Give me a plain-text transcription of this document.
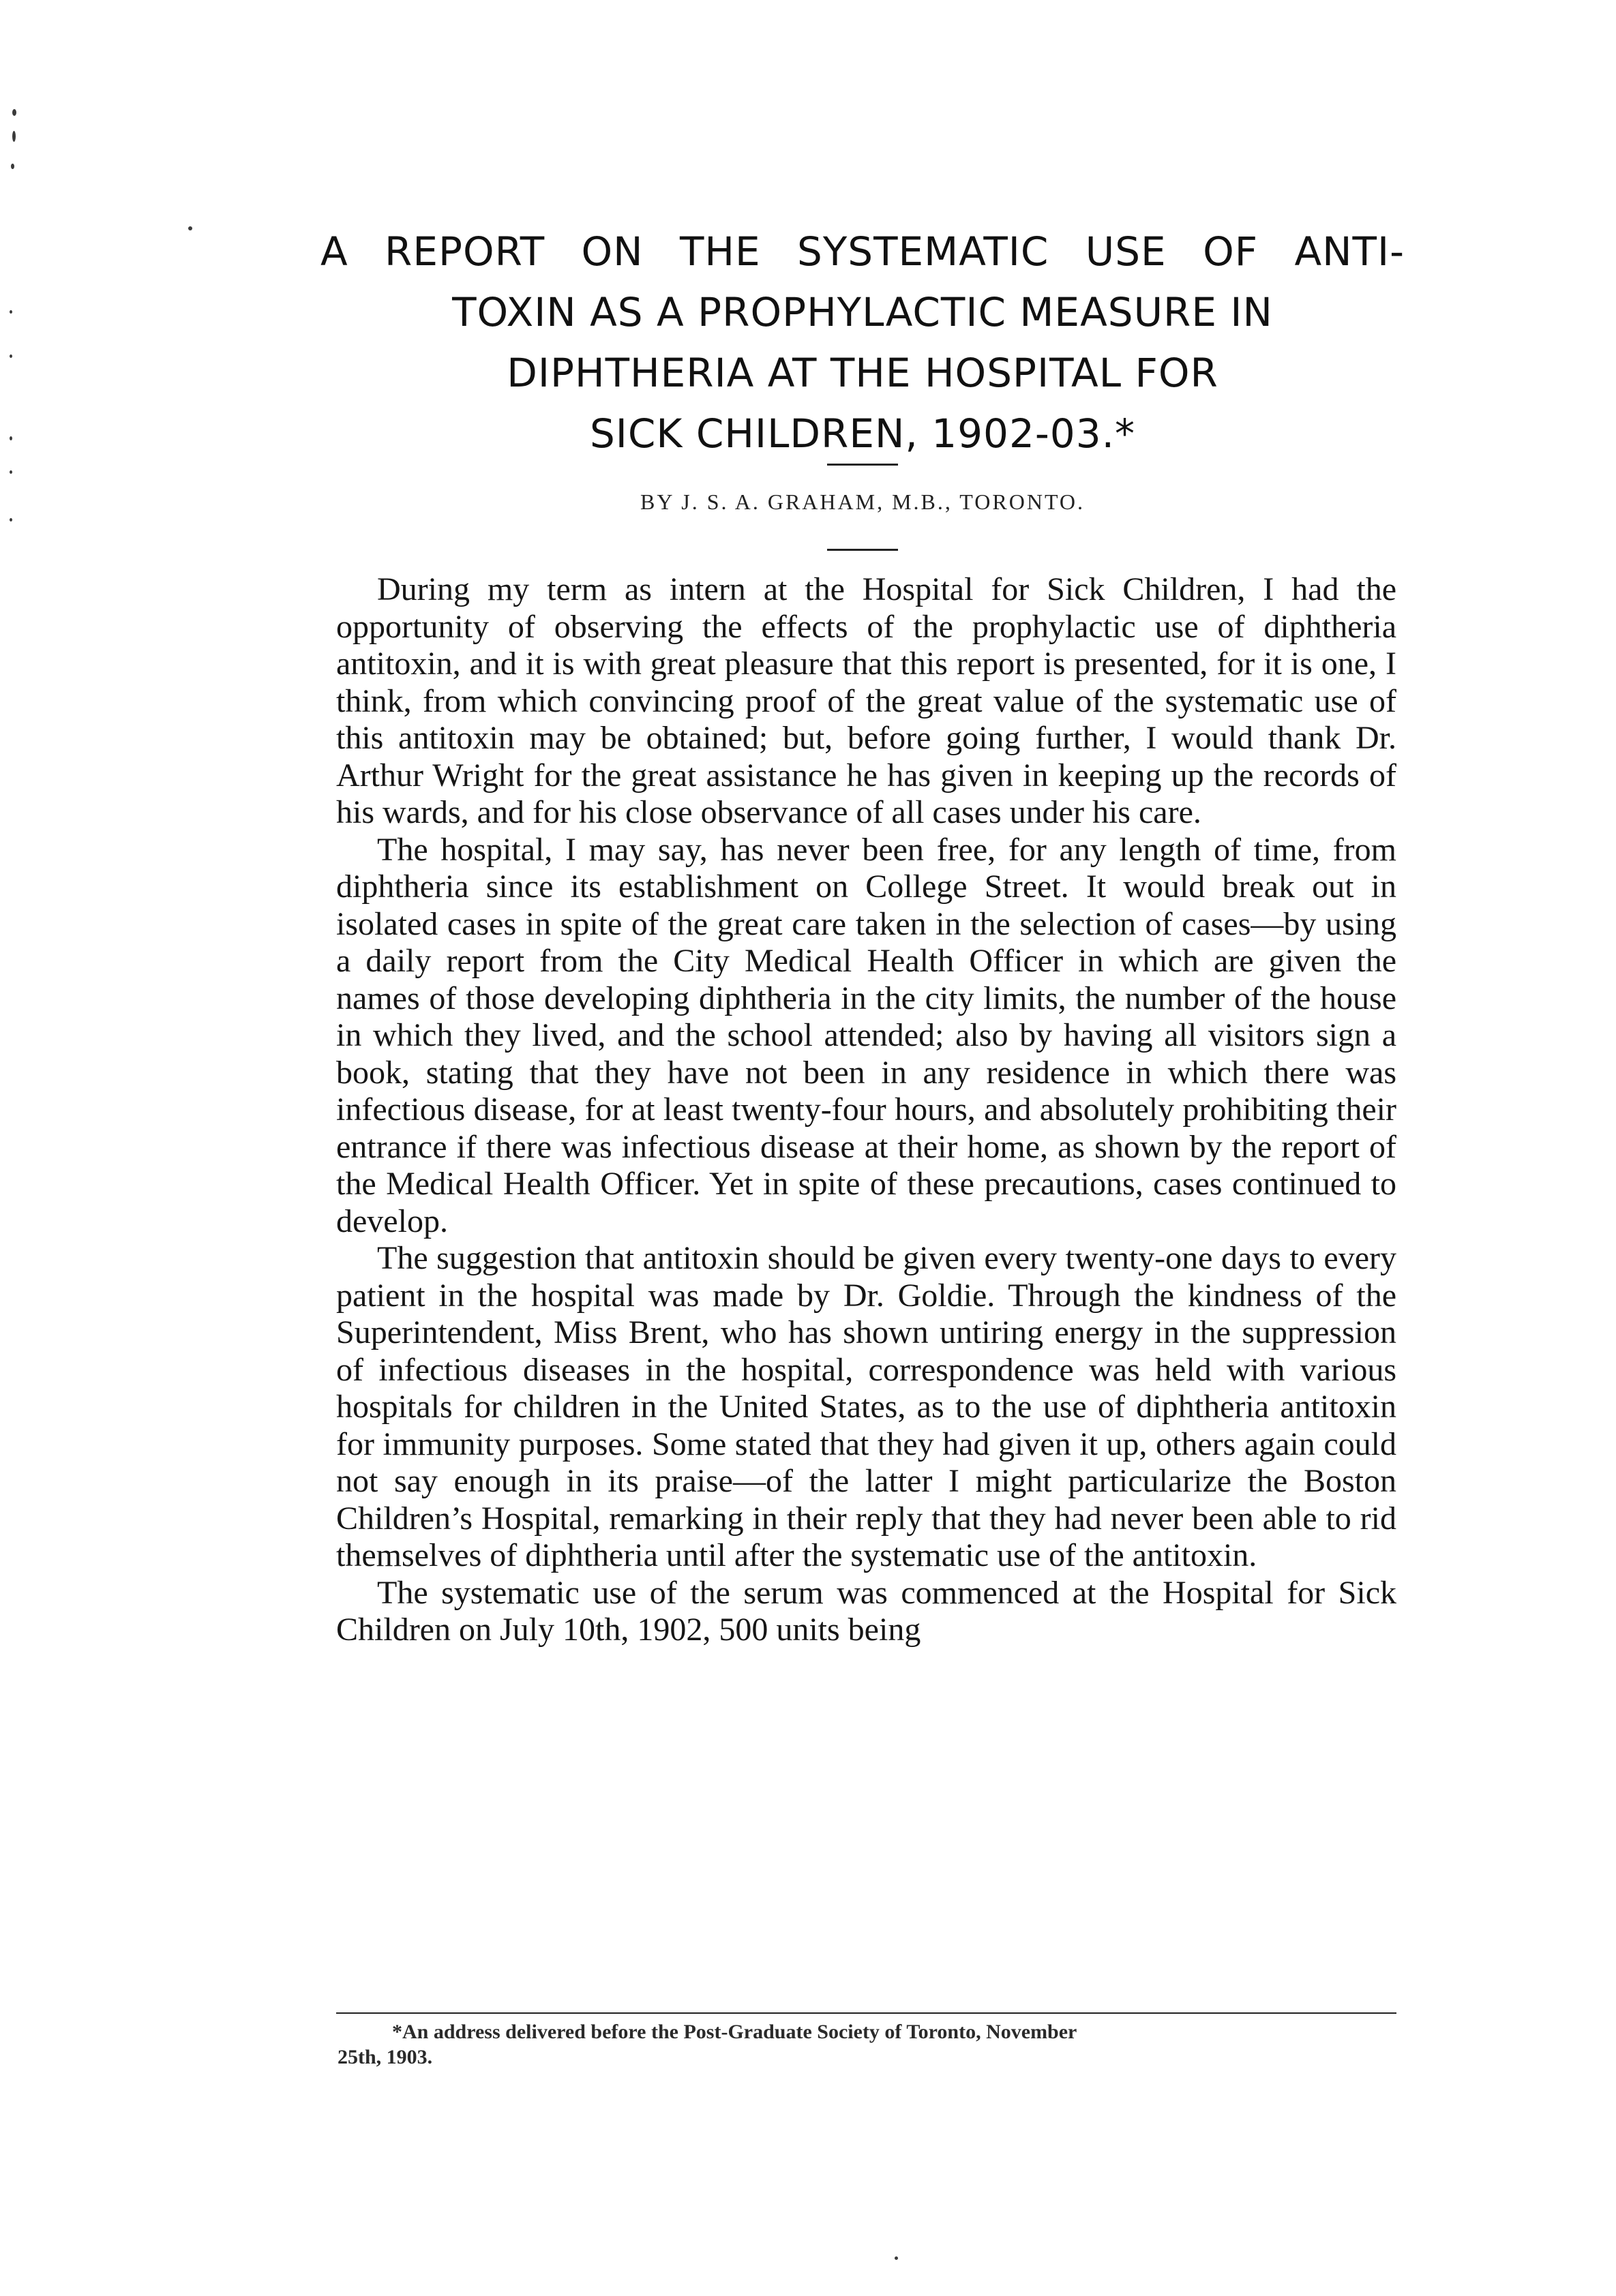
A REPORT ON THE SYSTEMATIC USE OF ANTI-
TOXIN AS A PROPHYLACTIC MEASURE IN
DIPHTHERIA AT THE HOSPITAL FOR
SICK CHILDREN, 1902-03.*
BY J. S. A. GRAHAM, M.B., TORONTO.

During my term as intern at the Hospital for Sick Children, I had the opportunity of observing the effects of the prophylactic use of diphtheria antitoxin, and it is with great pleasure that this report is presented, for it is one, I think, from which convincing proof of the great value of the systematic use of this antitoxin may be obtained; but, before going further, I would thank Dr. Arthur Wright for the great assistance he has given in keeping up the records of his wards, and for his close observance of all cases under his care.

The hospital, I may say, has never been free, for any length of time, from diphtheria since its establishment on College Street. It would break out in isolated cases in spite of the great care taken in the selection of cases—by using a daily report from the City Medical Health Officer in which are given the names of those developing diphtheria in the city limits, the number of the house in which they lived, and the school attended; also by having all visitors sign a book, stating that they have not been in any residence in which there was infectious disease, for at least twenty-four hours, and absolutely prohibiting their entrance if there was infectious disease at their home, as shown by the report of the Medical Health Officer. Yet in spite of these precautions, cases continued to develop.

The suggestion that antitoxin should be given every twenty-one days to every patient in the hospital was made by Dr. Goldie. Through the kindness of the Superintendent, Miss Brent, who has shown untiring energy in the suppression of infectious diseases in the hospital, correspondence was held with various hospitals for children in the United States, as to the use of diphtheria antitoxin for immunity purposes. Some stated that they had given it up, others again could not say enough in its praise—of the latter I might particularize the Boston Children’s Hospital, remarking in their reply that they had never been able to rid themselves of diphtheria until after the systematic use of the antitoxin.

The systematic use of the serum was commenced at the Hospital for Sick Children on July 10th, 1902, 500 units being

*An address delivered before the Post-Graduate Society of Toronto, November
25th, 1903.
